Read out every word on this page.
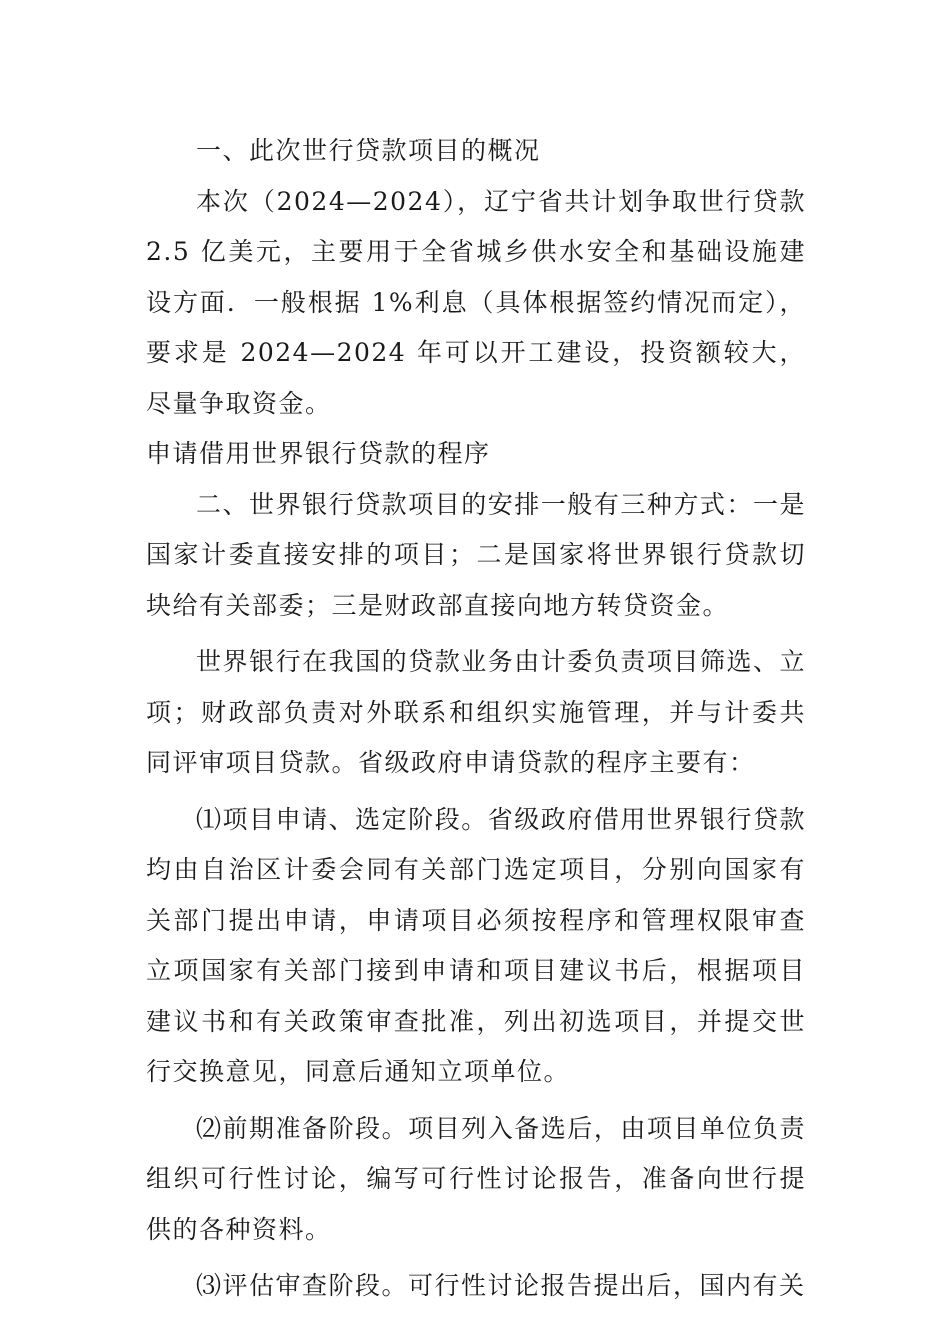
一、此次世行贷款项目的概况

本次（2024—2024），辽宁省共计划争取世行贷款 2.5 亿美元，主要用于全省城乡供水安全和基础设施建设方面．一般根据 1%利息（具体根据签约情况而定），要求是 2024—2024 年可以开工建设，投资额较大，尽量争取资金。

申请借用世界银行贷款的程序

二、世界银行贷款项目的安排一般有三种方式：一是国家计委直接安排的项目；二是国家将世界银行贷款切块给有关部委；三是财政部直接向地方转贷资金。

世界银行在我国的贷款业务由计委负责项目筛选、立项；财政部负责对外联系和组织实施管理，并与计委共同评审项目贷款。省级政府申请贷款的程序主要有：

⑴项目申请、选定阶段。省级政府借用世界银行贷款均由自治区计委会同有关部门选定项目，分别向国家有关部门提出申请，申请项目必须按程序和管理权限审查立项国家有关部门接到申请和项目建议书后，根据项目建议书和有关政策审查批准，列出初选项目，并提交世行交换意见，同意后通知立项单位。

⑵前期准备阶段。项目列入备选后，由项目单位负责组织可行性讨论，编写可行性讨论报告，准备向世行提供的各种资料。

⑶评估审查阶段。可行性讨论报告提出后，国内有关
